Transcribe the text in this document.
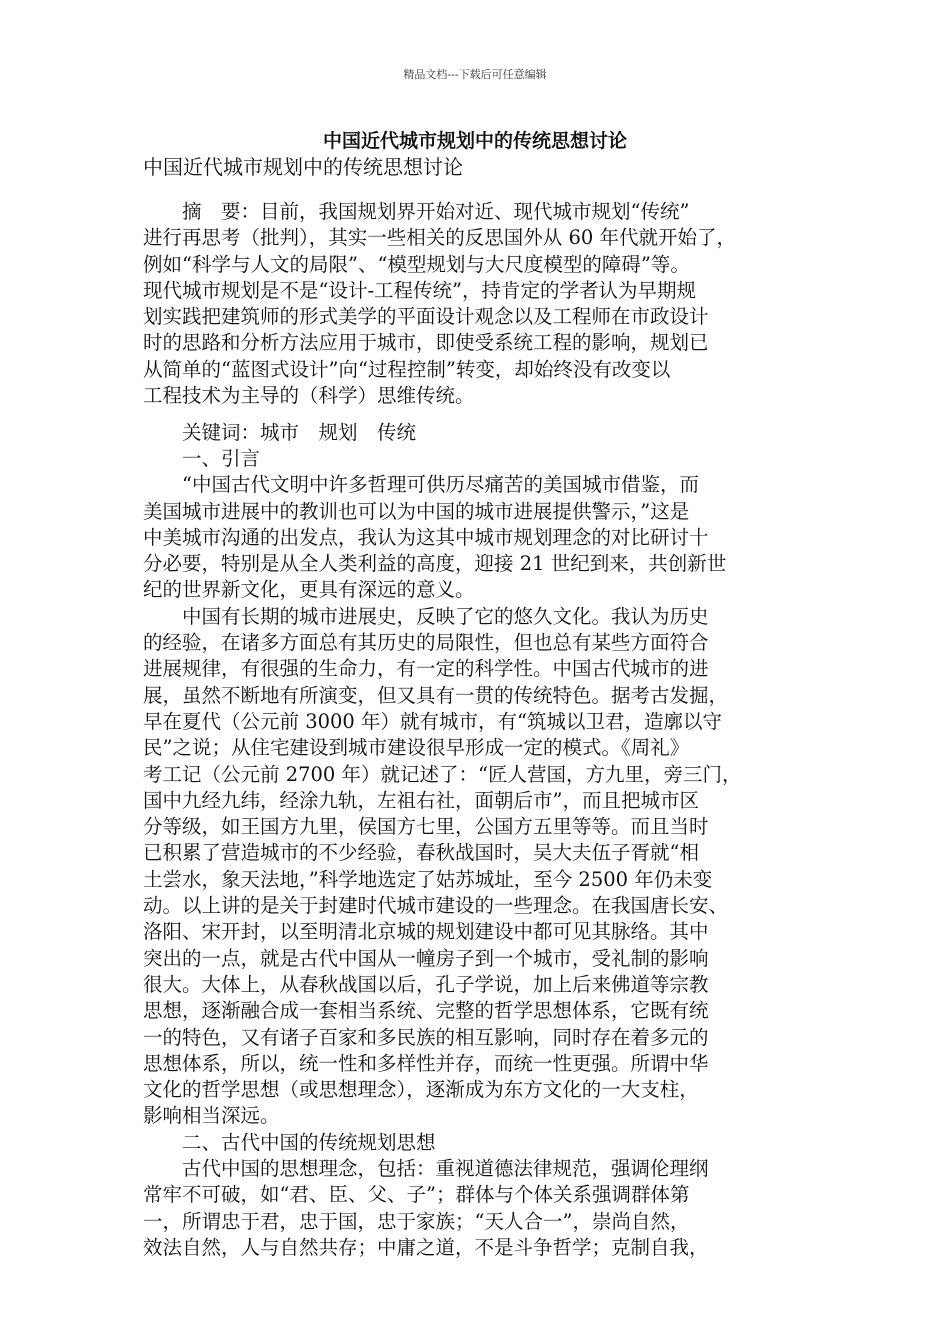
精品文档---下载后可任意编辑
中国近代城市规划中的传统思想讨论
中国近代城市规划中的传统思想讨论
　　摘　要：目前，我国规划界开始对近、现代城市规划“传统”
进行再思考（批判），其实一些相关的反思国外从 60 年代就开始了，
例如“科学与人文的局限”、“模型规划与大尺度模型的障碍”等。
现代城市规划是不是“设计-工程传统”，持肯定的学者认为早期规
划实践把建筑师的形式美学的平面设计观念以及工程师在市政设计
时的思路和分析方法应用于城市，即使受系统工程的影响，规划已
从简单的“蓝图式设计”向“过程控制”转变，却始终没有改变以
工程技术为主导的（科学）思维传统。
　　关键词：城市　规划　传统
　　一、引言
　　“中国古代文明中许多哲理可供历尽痛苦的美国城市借鉴，而
美国城市进展中的教训也可以为中国的城市进展提供警示，”这是
中美城市沟通的出发点，我认为这其中城市规划理念的对比研讨十
分必要，特别是从全人类利益的高度，迎接 21 世纪到来，共创新世
纪的世界新文化，更具有深远的意义。
　　中国有长期的城市进展史，反映了它的悠久文化。我认为历史
的经验，在诸多方面总有其历史的局限性，但也总有某些方面符合
进展规律，有很强的生命力，有一定的科学性。中国古代城市的进
展，虽然不断地有所演变，但又具有一贯的传统特色。据考古发掘，
早在夏代（公元前 3000 年）就有城市，有“筑城以卫君，造廓以守
民”之说；从住宅建设到城市建设很早形成一定的模式。《周礼》
考工记（公元前 2700 年）就记述了：“匠人营国，方九里，旁三门，
国中九经九纬，经涂九轨，左祖右社，面朝后市”，而且把城市区
分等级，如王国方九里，侯国方七里，公国方五里等等。而且当时
已积累了营造城市的不少经验，春秋战国时，吴大夫伍子胥就“相
土尝水，象天法地，”科学地选定了姑苏城址，至今 2500 年仍未变
动。以上讲的是关于封建时代城市建设的一些理念。在我国唐长安、
洛阳、宋开封，以至明清北京城的规划建设中都可见其脉络。其中
突出的一点，就是古代中国从一幢房子到一个城市，受礼制的影响
很大。大体上，从春秋战国以后，孔子学说，加上后来佛道等宗教
思想，逐渐融合成一套相当系统、完整的哲学思想体系，它既有统
一的特色，又有诸子百家和多民族的相互影响，同时存在着多元的
思想体系，所以，统一性和多样性并存，而统一性更强。所谓中华
文化的哲学思想（或思想理念），逐渐成为东方文化的一大支柱，
影响相当深远。
　　二、古代中国的传统规划思想
　　古代中国的思想理念，包括：重视道德法律规范，强调伦理纲
常牢不可破，如“君、臣、父、子”；群体与个体关系强调群体第
一，所谓忠于君，忠于国，忠于家族；“天人合一”，崇尚自然，
效法自然，人与自然共存；中庸之道，不是斗争哲学；克制自我，
